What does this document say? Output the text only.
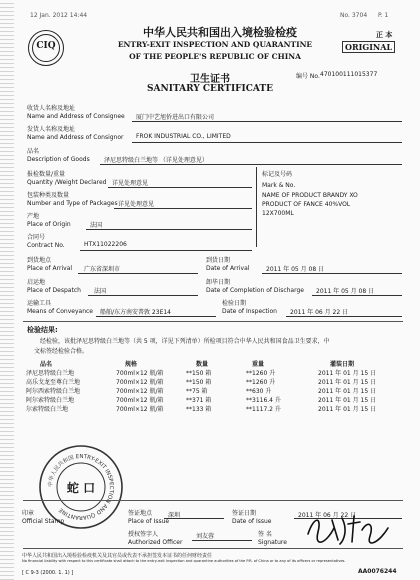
12 Jan. 2012 14:44	No. 3704 P. 1
CIQ
中华人民共和国出入境检验检疫
ENTRY-EXIT INSPECTION AND QUARANTINE
OF THE PEOPLE'S REPUBLIC OF CHINA
正 本
ORIGINAL
卫生证书
SANITARY CERTIFICATE
编号 No. 470100111015377
收货人名称及地址
Name and Address of Consignee 厦门中艺旭侨进出口有限公司
发货人名称及地址
Name and Address of Consignor FROK INDUSTRIAL CO., LIMITED
品名
Description of Goods 泽尼思特级白兰地等 （详见处理意见）
报检数量/重量
Quantity /Weight Declared 详见处理意见
包装种类及数量
Number and Type of Packages 详见处理意见
产地
Place of Origin	法国
合同号
Contract No.	HTX11022206
标记及号码
Mark & No.
NAME OF PRODUCT BRANDY XO
PRODUCT OF FANCE 40%VOL
12X700ML
到货地点
Place of Arrival 广东省深圳市
到货日期
Date of Arrival	2011 年 05 月 08 日
启运地
Place of Despatch 法国
卸毕日期
Date of Completion of Discharge 2011 年 05 月 08 日
运输工具
Means of Conveyance 船舶/东方南安普敦 23E14
检验日期
Date of Inspection 2011 年 06 月 22 日
检验结果:
经检验，该批泽尼思特级白兰地等（共 5 项，详见下列清单）所检项目符合中华人民共和国食品卫生要求，中
文标签经检验合格。
品名	规格	数量	重量	灌装日期
泽尼思特级白兰地	700ml×12 瓶/箱	**150 箱	**1260 升	2011 年 01 月 15 日
高乐戈龙至尊白兰地	700ml×12 瓶/箱	**150 箱	**1260 升	2011 年 01 月 15 日
阿尔西索特级白兰地	700ml×12 瓶/箱	**75 箱	**630 升	2011 年 01 月 15 日
阿尔索特级白兰地	700ml×12 瓶/箱	**371 箱	**3116.4 升	2011 年 01 月 15 日
尔索特级白兰地	700ml×12 瓶/箱	**133 箱	**1117.2 升	2011 年 01 月 15 日
中华人民共和国 ENTRY-EXIT INSPECTION AND QUARANTINE
蛇 口
印章
Official Stamp
签证地点
Place of Issue
深圳	签证日期
Date of Issue
2011 年 06 月 22 日
授权签字人
Authorized Officer
刘友蓉	签 名
Signature
中华人民共和国出入境检验检疫机关及其官员或代表不承担签发本证书的任何财经责任
No financial liability with respect to this certificate shall attach to the entry-exit inspection and quarantine authorities of the P.R. of China or to any of its officers or representatives.
[ C 9-3 (2000. 1. 1) ]	AA0076244
